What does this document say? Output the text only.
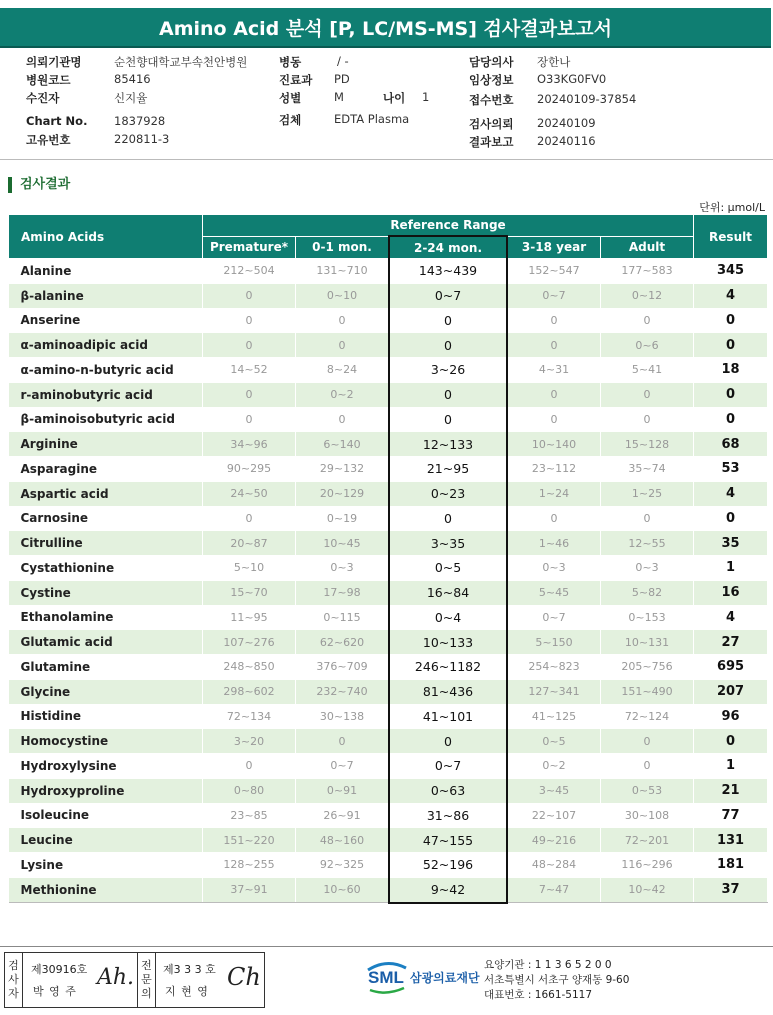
Amino Acid 분석 [P, LC/MS-MS] 검사결과보고서
의뢰기관명	순천향대학교부속천안병원
병원코드	85416
수진자	신지율
Chart No. 1837928
고유번호	220811-3
병동	/ -
진료과 PD
성별	M	나이 1
검체	EDTA Plasma
담당의사 장한나
임상정보 O33KG0FV0
접수번호 20240109-37854
검사의뢰 20240109
결과보고 20240116
검사결과
단위: μmol/L
Amino Acids	Reference Range					Result
	Premature*	0-1 mon.	2-24 mon.	3-18 year	Adult	
Alanine	212~504	131~710	143~439	152~547	177~583	345
β-alanine	0	0~10	0~7	0~7	0~12	4
Anserine	0	0	0	0	0	0
α-aminoadipic acid	0	0	0	0	0~6	0
α-amino-n-butyric acid	14~52	8~24	3~26	4~31	5~41	18
r-aminobutyric acid	0	0~2	0	0	0	0
β-aminoisobutyric acid	0	0	0	0	0	0
Arginine	34~96	6~140	12~133	10~140	15~128	68
Asparagine	90~295	29~132	21~95	23~112	35~74	53
Aspartic acid	24~50	20~129	0~23	1~24	1~25	4
Carnosine	0	0~19	0	0	0	0
Citrulline	20~87	10~45	3~35	1~46	12~55	35
Cystathionine	5~10	0~3	0~5	0~3	0~3	1
Cystine	15~70	17~98	16~84	5~45	5~82	16
Ethanolamine	11~95	0~115	0~4	0~7	0~153	4
Glutamic acid	107~276	62~620	10~133	5~150	10~131	27
Glutamine	248~850	376~709	246~1182	254~823	205~756	695
Glycine	298~602	232~740	81~436	127~341	151~490	207
Histidine	72~134	30~138	41~101	41~125	72~124	96
Homocystine	3~20	0	0	0~5	0	0
Hydroxylysine	0	0~7	0~7	0~2	0	1
Hydroxyproline	0~80	0~91	0~63	3~45	0~53	21
Isoleucine	23~85	26~91	31~86	22~107	30~108	77
Leucine	151~220	48~160	47~155	49~216	72~201	131
Lysine	128~255	92~325	52~196	48~284	116~296	181
Methionine	37~91	10~60	9~42	7~47	10~42	37
검
사
자
제30916호
박 영 주
Ah. 전
문
의
제3 3 3 호
지 현 영
Ch	SML 삼광의료재단
요양기관 : 1 1 3 6 5 2 0 0
서초특별시 서초구 양재동 9-60
대표번호 : 1661-5117
